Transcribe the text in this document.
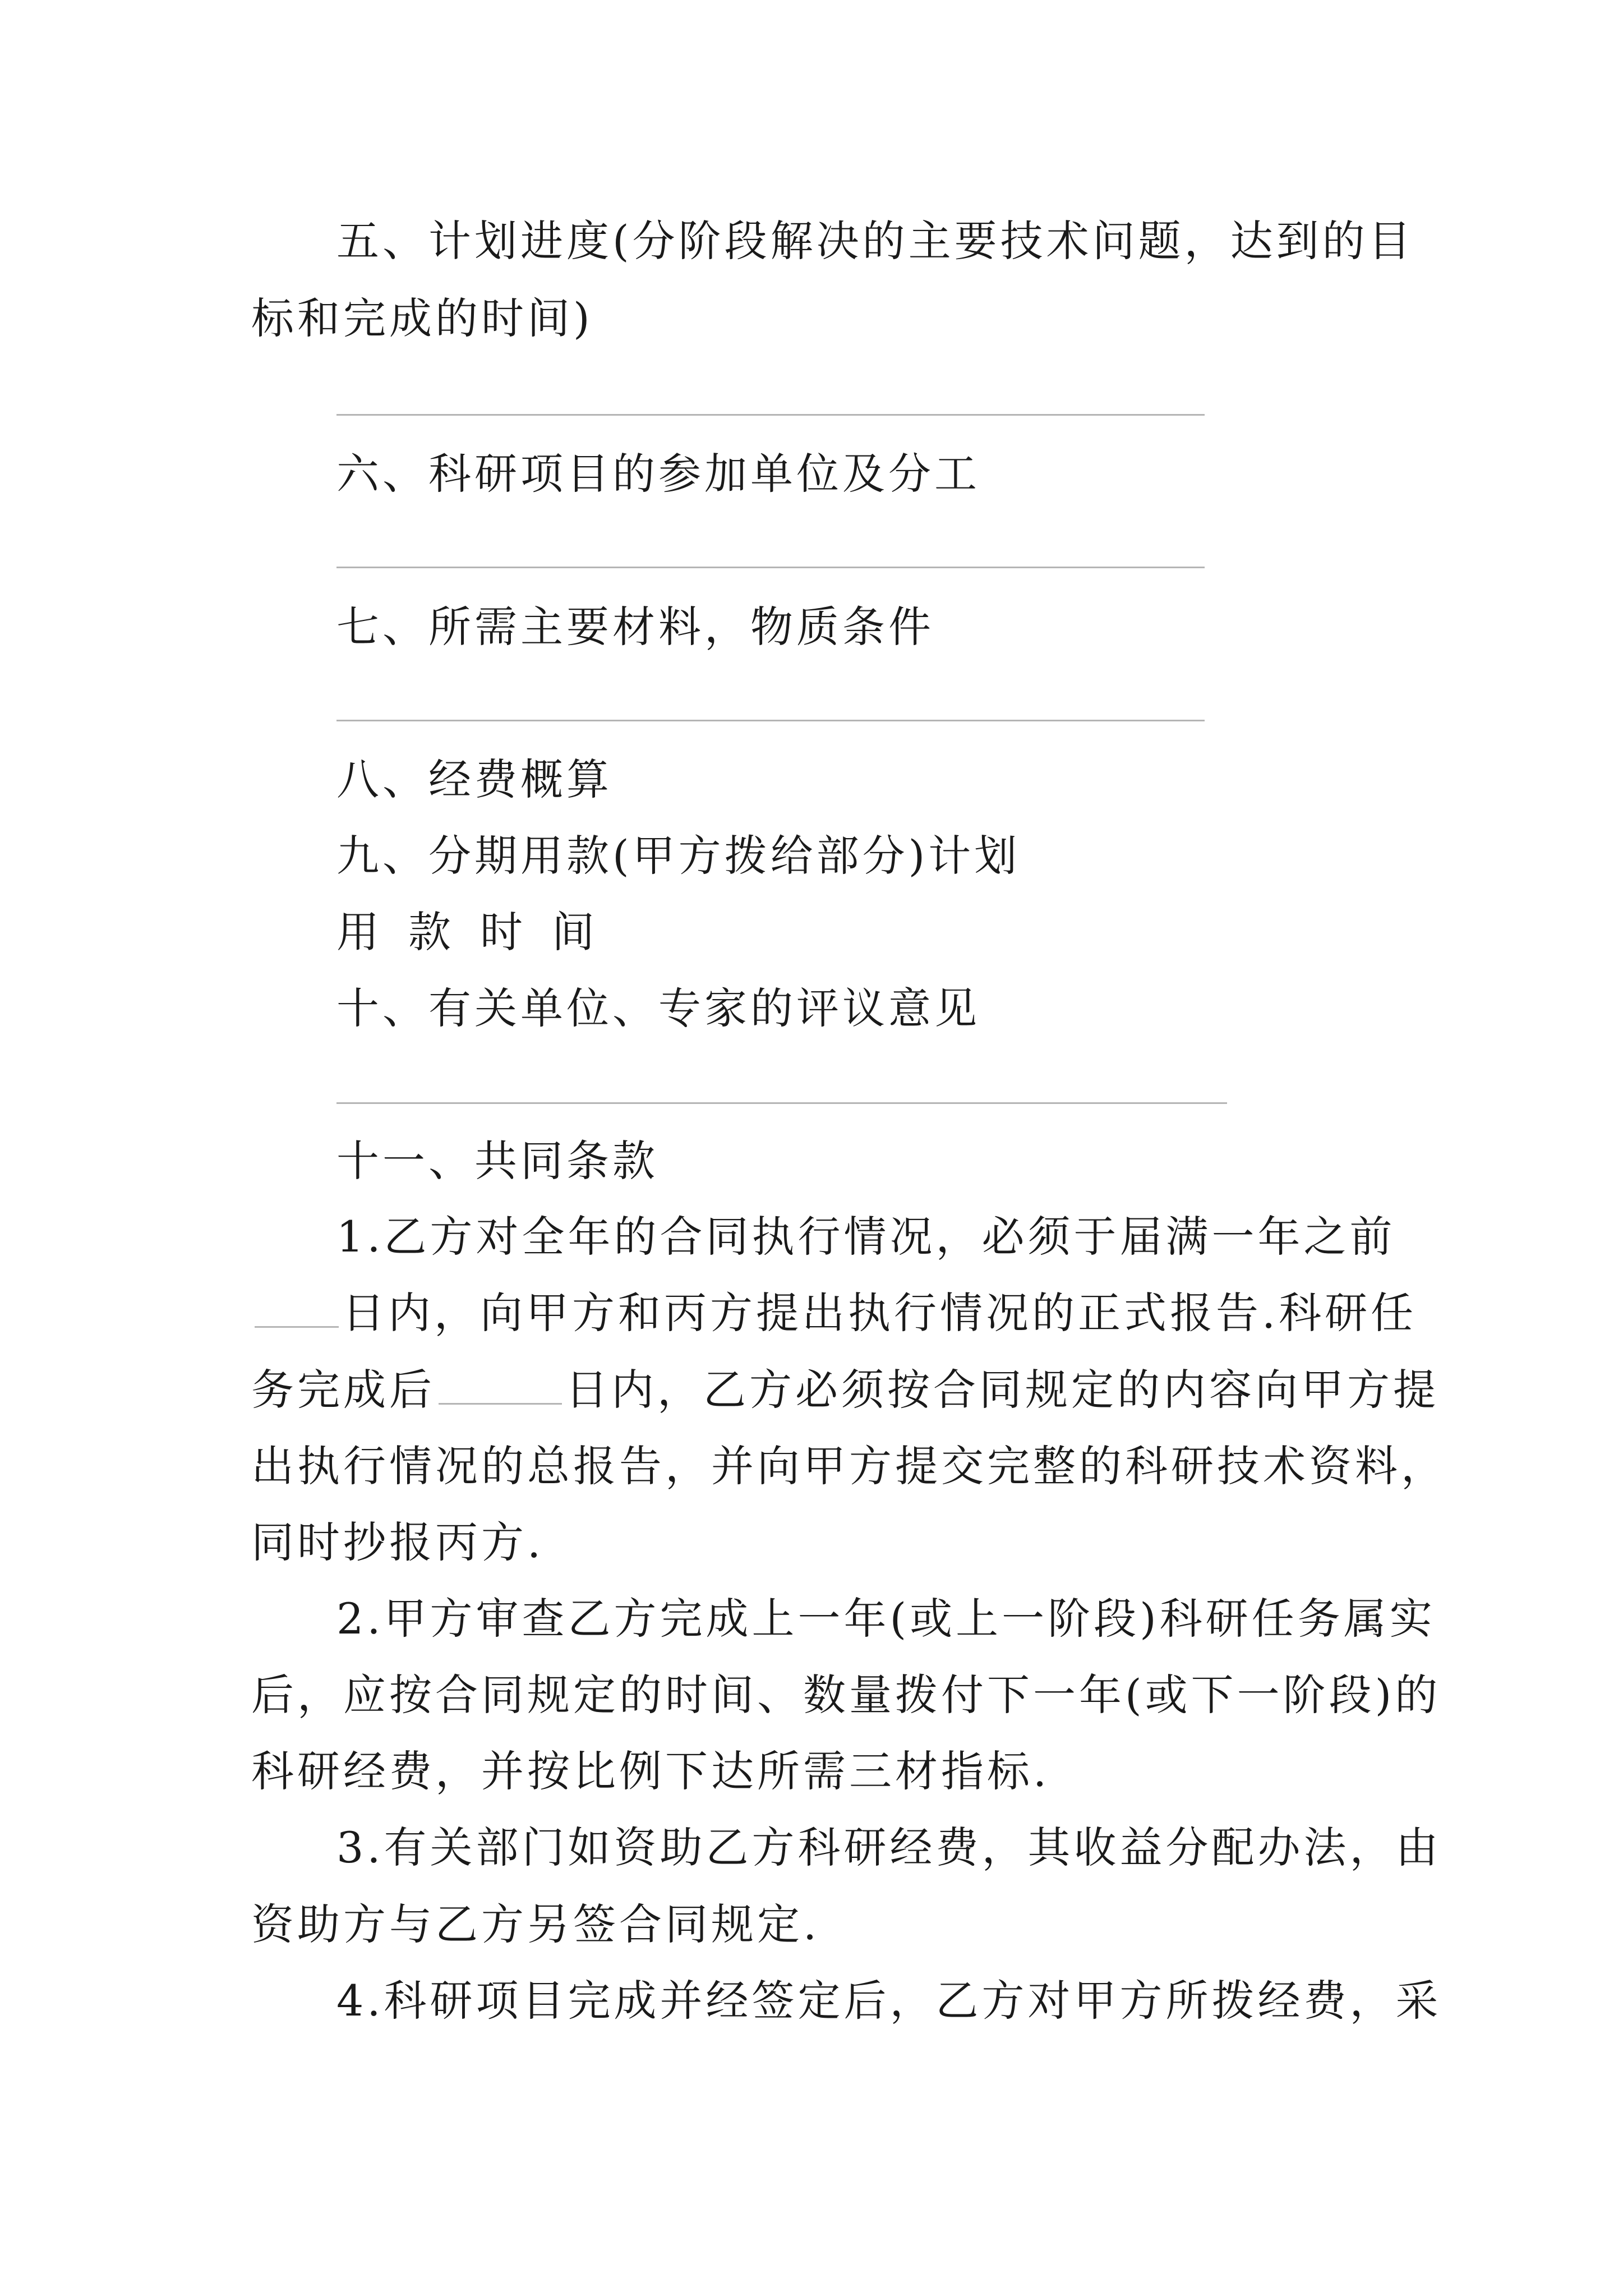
五、计划进度(分阶段解决的主要技术问题，达到的目
标和完成的时间)
六、科研项目的参加单位及分工
七、所需主要材料，物质条件
八、经费概算
九、分期用款(甲方拨给部分)计划
用款时间
十、有关单位、专家的评议意见
十一、共同条款
1.乙方对全年的合同执行情况，必须于届满一年之前
日内，向甲方和丙方提出执行情况的正式报告.科研任
务完成后	日内，乙方必须按合同规定的内容向甲方提
出执行情况的总报告，并向甲方提交完整的科研技术资料，
同时抄报丙方.
2.甲方审查乙方完成上一年(或上一阶段)科研任务属实
后，应按合同规定的时间、数量拨付下一年(或下一阶段)的
科研经费，并按比例下达所需三材指标.
3.有关部门如资助乙方科研经费，其收益分配办法，由
资助方与乙方另签合同规定.
4.科研项目完成并经签定后，乙方对甲方所拨经费，采
